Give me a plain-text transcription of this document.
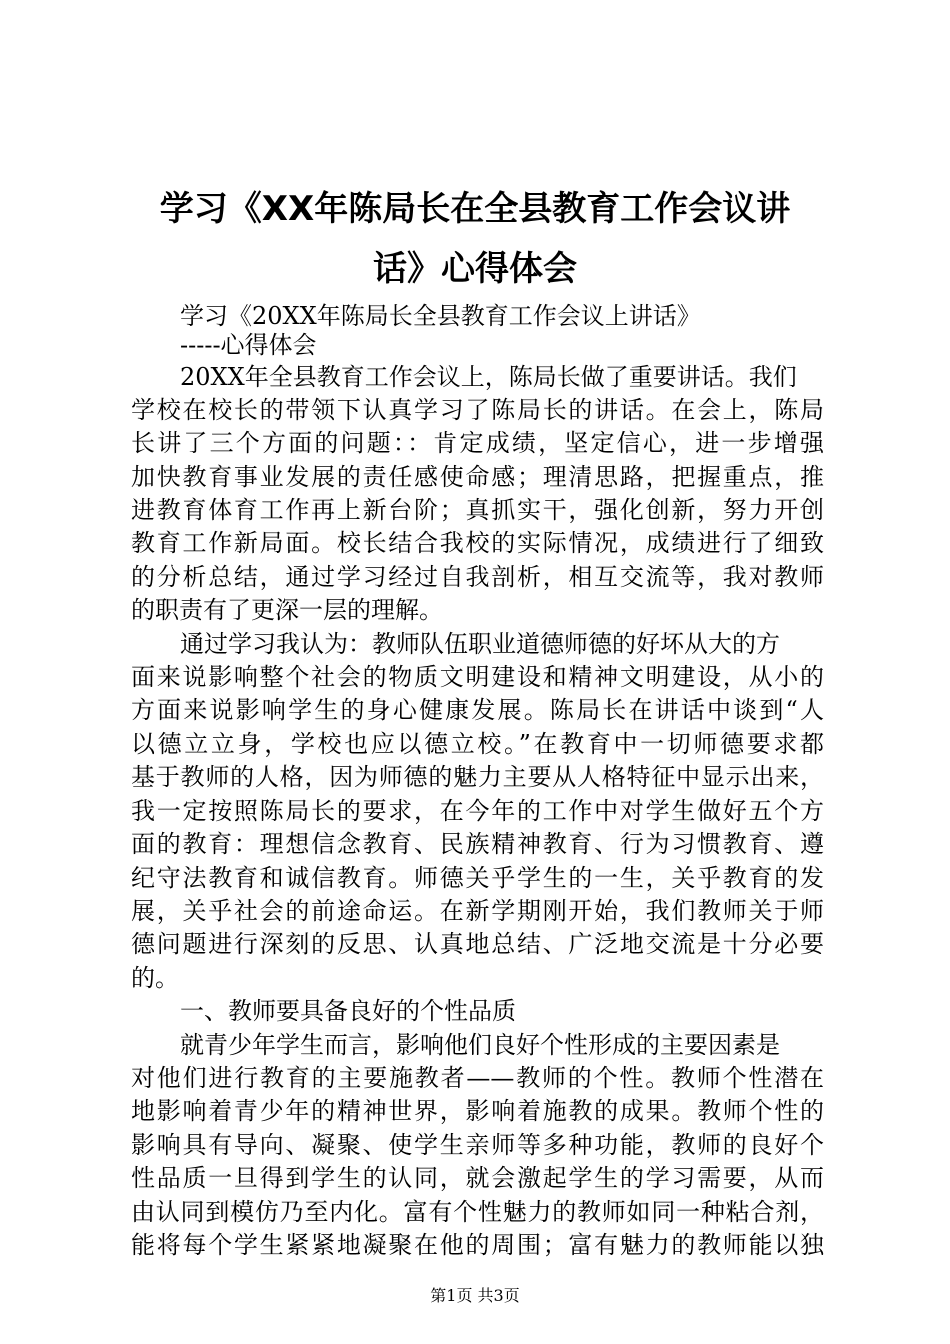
学习《XX年陈局长在全县教育工作会议讲
话》心得体会
学习《20XX年陈局长全县教育工作会议上讲话》
-----心得体会
20XX年全县教育工作会议上，陈局长做了重要讲话。我们
学校在校长的带领下认真学习了陈局长的讲话。在会上，陈局
长讲了三个方面的问题：：肯定成绩，坚定信心，进一步增强
加快教育事业发展的责任感使命感；理清思路，把握重点，推
进教育体育工作再上新台阶；真抓实干，强化创新，努力开创
教育工作新局面。校长结合我校的实际情况，成绩进行了细致
的分析总结，通过学习经过自我剖析，相互交流等，我对教师
的职责有了更深一层的理解。
通过学习我认为：教师队伍职业道德师德的好坏从大的方
面来说影响整个社会的物质文明建设和精神文明建设，从小的
方面来说影响学生的身心健康发展。陈局长在讲话中谈到“人
以德立立身，学校也应以德立校。”在教育中一切师德要求都
基于教师的人格，因为师德的魅力主要从人格特征中显示出来，
我一定按照陈局长的要求，在今年的工作中对学生做好五个方
面的教育：理想信念教育、民族精神教育、行为习惯教育、遵
纪守法教育和诚信教育。师德关乎学生的一生，关乎教育的发
展，关乎社会的前途命运。在新学期刚开始，我们教师关于师
德问题进行深刻的反思、认真地总结、广泛地交流是十分必要
的。
一、教师要具备良好的个性品质
就青少年学生而言，影响他们良好个性形成的主要因素是
对他们进行教育的主要施教者——教师的个性。教师个性潜在
地影响着青少年的精神世界，影响着施教的成果。教师个性的
影响具有导向、凝聚、使学生亲师等多种功能，教师的良好个
性品质一旦得到学生的认同，就会激起学生的学习需要，从而
由认同到模仿乃至内化。富有个性魅力的教师如同一种粘合剂，
能将每个学生紧紧地凝聚在他的周围；富有魅力的教师能以独
第1页 共3页
